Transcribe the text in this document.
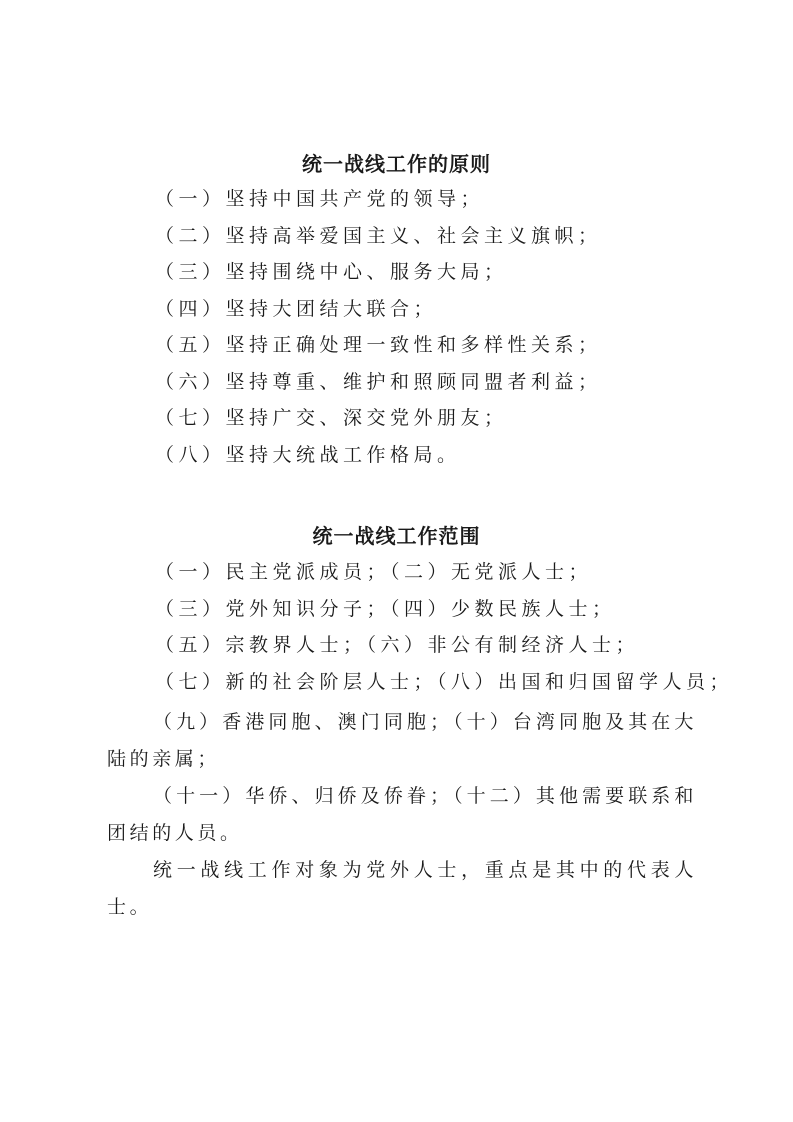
统一战线工作的原则
（一）坚持中国共产党的领导；
（二）坚持高举爱国主义、社会主义旗帜；
（三）坚持围绕中心、服务大局；
（四）坚持大团结大联合；
（五）坚持正确处理一致性和多样性关系；
（六）坚持尊重、维护和照顾同盟者利益；
（七）坚持广交、深交党外朋友；
（八）坚持大统战工作格局。
统一战线工作范围
（一）民主党派成员；（二）无党派人士；
（三）党外知识分子；（四）少数民族人士；
（五）宗教界人士；（六）非公有制经济人士；
（七）新的社会阶层人士；（八）出国和归国留学人员；

（九）香港同胞、澳门同胞；（十）台湾同胞及其在大陆的亲属；

（十一）华侨、归侨及侨眷；（十二）其他需要联系和团结的人员。

统一战线工作对象为党外人士，重点是其中的代表人士。
